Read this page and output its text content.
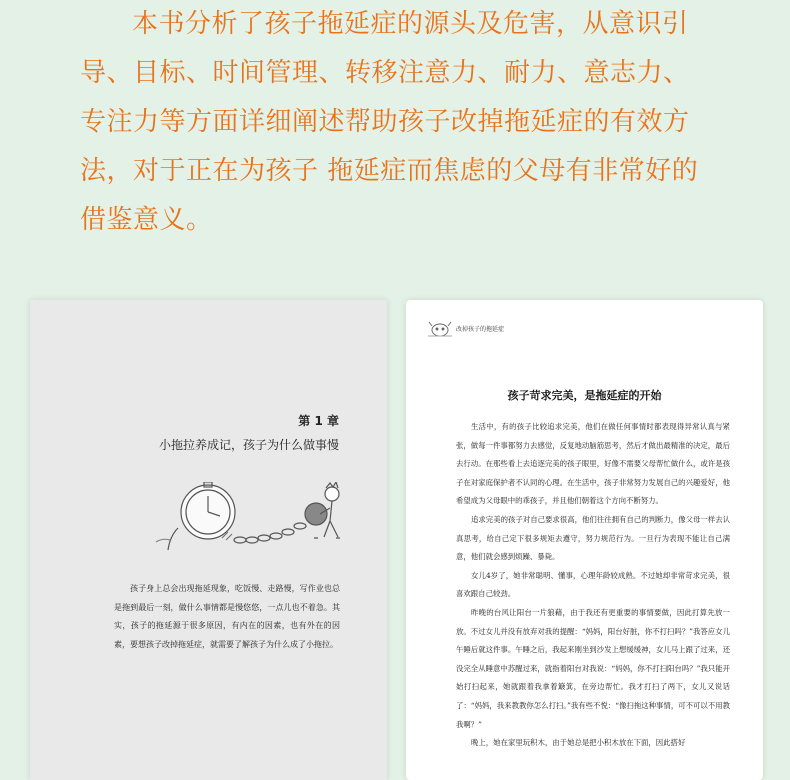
本书分析了孩子拖延症的源头及危害，从意识引

导、目标、时间管理、转移注意力、耐力、意志力、

专注力等方面详细阐述帮助孩子改掉拖延症的有效方

法，对于正在为孩子 拖延症而焦虑的父母有非常好的

借鉴意义。

第 1 章
小拖拉养成记，孩子为什么做事慢

孩子身上总会出现拖延现象，吃饭慢、走路慢，写作业也总是拖到最后一刻，做什么事情都是慢悠悠，一点儿也不着急。其实，孩子的拖延源于很多原因，有内在的因素，也有外在的因素，要想孩子改掉拖延症，就需要了解孩子为什么成了小拖拉。

改掉孩子的拖延症
孩子苛求完美，是拖延症的开始

生活中，有的孩子比较追求完美，他们在做任何事情时都表现得异常认真与紧张，做每一件事都努力去感觉，反复地动脑筋思考，然后才做出最精准的决定，最后去行动。在那些看上去追逐完美的孩子眼里，好像不需要父母帮忙做什么，或许是孩子在对家庭保护者不认同的心理。在生活中，孩子非常努力发展自己的兴趣爱好，他希望成为父母眼中的乖孩子，并且他们朝着这个方向不断努力。

追求完美的孩子对自己要求很高，他们往往拥有自己的判断力，像父母一样去认真思考，给自己定下很多规矩去遵守，努力规范行为。一旦行为表现不能让自己满意，他们就会感到烦躁、暴毙。

女儿4岁了，她非常聪明、懂事，心理年龄较成熟。不过她却非常苛求完美，很喜欢跟自己较劲。

昨晚的台风让阳台一片狼藉，由于我还有更重要的事情要做，因此打算先放一放。不过女儿并没有放弃对我的提醒：“妈妈，阳台好脏，你不打扫吗？”我答应女儿午睡后就这件事。午睡之后，我起来刚坐到沙发上想缓缓神，女儿马上跟了过来，还没完全从睡意中苏醒过来，就指着阳台对我说：“妈妈，你不打扫阳台吗？”我只能开始打扫起来，她就跟着我拿着簸箕，在旁边帮忙。我才打扫了两下，女儿又说话了：“妈妈，我来教教你怎么打扫。”我有些不悦：“像扫拖这种事情，可不可以不用教我啊？”

晚上，她在家里玩积木，由于她总是把小积木放在下面，因此搭好
